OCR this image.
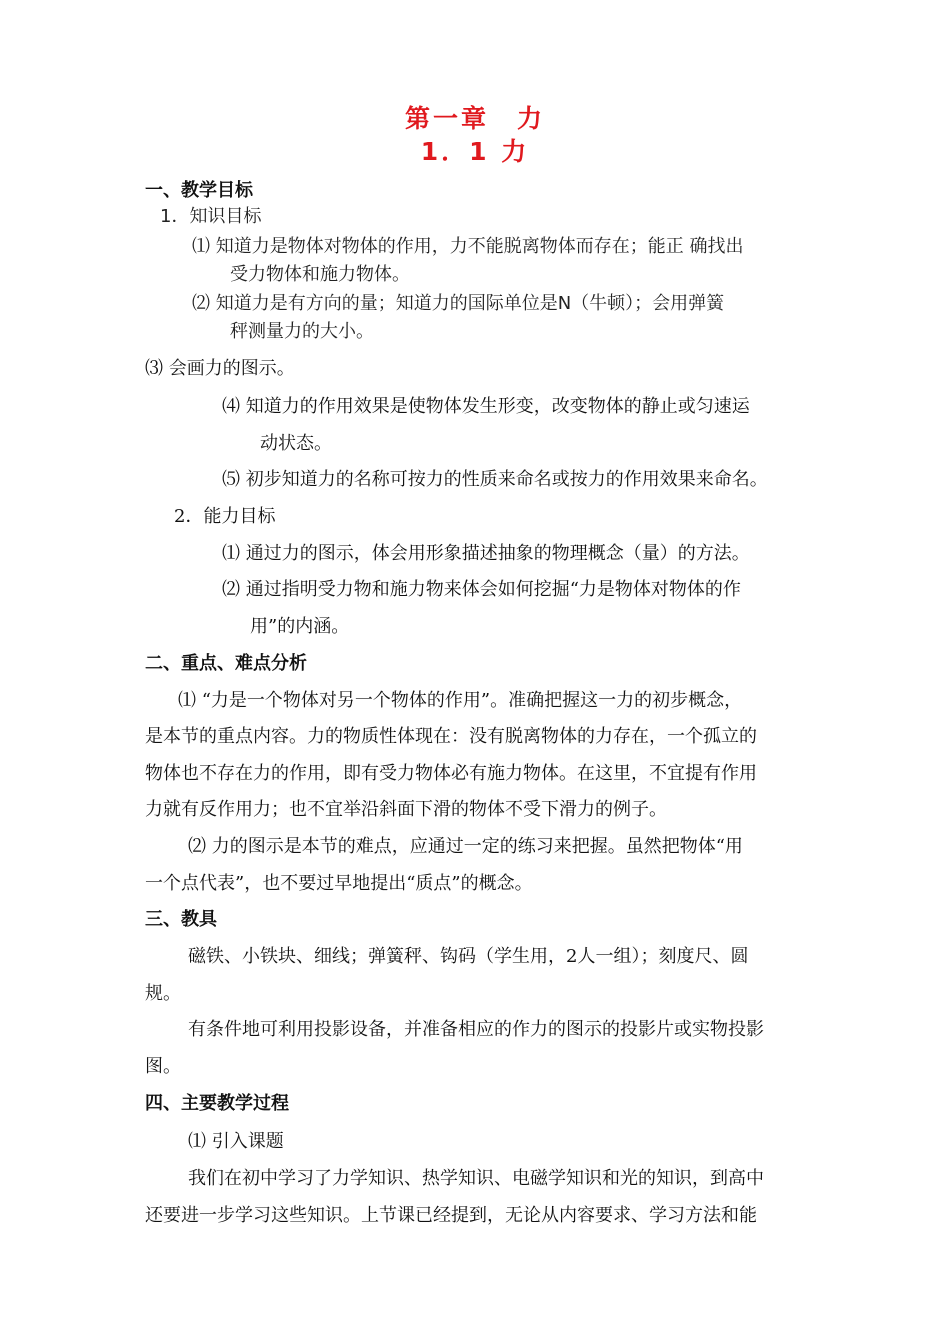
第一章　力
1．1 力
一、教学目标
1．知识目标
⑴ 知道力是物体对物体的作用，力不能脱离物体而存在；能正 确找出
受力物体和施力物体。
⑵ 知道力是有方向的量；知道力的国际单位是N（牛顿）；会用弹簧
秤测量力的大小。
⑶ 会画力的图示。
⑷ 知道力的作用效果是使物体发生形变，改变物体的静止或匀速运
动状态。
⑸ 初步知道力的名称可按力的性质来命名或按力的作用效果来命名。
2．能力目标
⑴ 通过力的图示，体会用形象描述抽象的物理概念（量）的方法。
⑵ 通过指明受力物和施力物来体会如何挖掘“力是物体对物体的作
用”的内涵。
二、重点、难点分析
⑴ “力是一个物体对另一个物体的作用”。准确把握这一力的初步概念，
是本节的重点内容。力的物质性体现在：没有脱离物体的力存在，一个孤立的
物体也不存在力的作用，即有受力物体必有施力物体。在这里，不宜提有作用
力就有反作用力；也不宜举沿斜面下滑的物体不受下滑力的例子。
⑵ 力的图示是本节的难点，应通过一定的练习来把握。虽然把物体“用
一个点代表”，也不要过早地提出“质点”的概念。
三、教具
磁铁、小铁块、细线；弹簧秤、钩码（学生用，2人一组）；刻度尺、圆
规。
有条件地可利用投影设备，并准备相应的作力的图示的投影片或实物投影
图。
四、主要教学过程
⑴ 引入课题
我们在初中学习了力学知识、热学知识、电磁学知识和光的知识，到高中
还要进一步学习这些知识。上节课已经提到，无论从内容要求、学习方法和能
